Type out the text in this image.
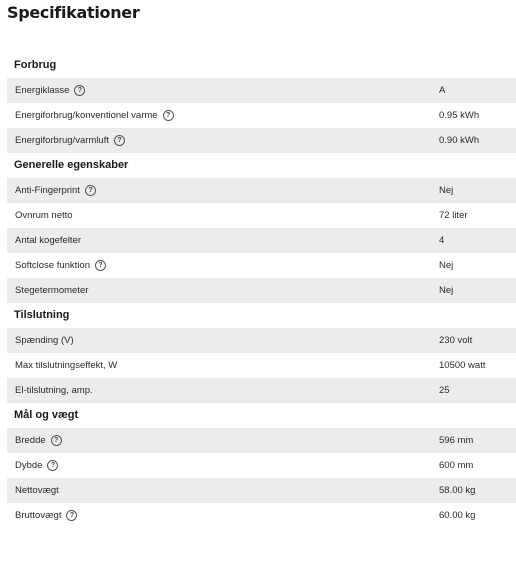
Specifikationer
Forbrug
Energiklasse	?	A
Energiforbrug/konventionel varme	?	0.95 kWh
Energiforbrug/varmluft	?	0.90 kWh
Generelle egenskaber
Anti-Fingerprint	?	Nej
Ovnrum netto	72 liter
Antal kogefelter	4
Softclose funktion	?	Nej
Stegetermometer	Nej
Tilslutning
Spænding (V)	230 volt
Max tilslutningseffekt, W	10500 watt
El-tilslutning, amp.	25
Mål og vægt
Bredde	?	596 mm
Dybde	?	600 mm
Nettovægt	58.00 kg
Bruttovægt	?	60.00 kg
